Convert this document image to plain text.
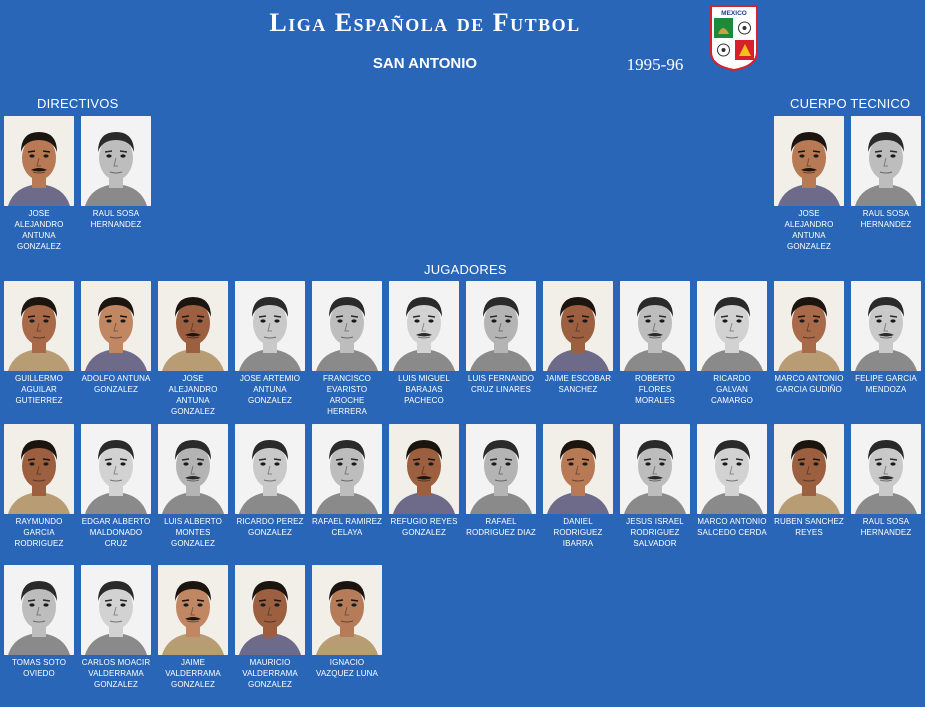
Liga Española de Futbol
SAN ANTONIO	1995-96
MEXICO
DIRECTIVOS	CUERPO TECNICO
JUGADORES
JOSE ALEJANDRO ANTUNA GONZALEZ
RAUL SOSA HERNANDEZ
JOSE ALEJANDRO ANTUNA GONZALEZ
RAUL SOSA HERNANDEZ
GUILLERMO AGUILAR GUTIERREZ
ADOLFO ANTUNA GONZALEZ
JOSE ALEJANDRO ANTUNA GONZALEZ
JOSE ARTEMIO ANTUNA GONZALEZ
FRANCISCO EVARISTO AROCHE HERRERA
LUIS MIGUEL BARAJAS PACHECO
LUIS FERNANDO CRUZ LINARES
JAIME ESCOBAR SANCHEZ
ROBERTO FLORES MORALES
RICARDO GALVAN CAMARGO
MARCO ANTONIO GARCIA GUDIÑO
FELIPE GARCIA MENDOZA
RAYMUNDO GARCIA RODRIGUEZ
EDGAR ALBERTO MALDONADO CRUZ
LUIS ALBERTO MONTES GONZALEZ
RICARDO PEREZ GONZALEZ
RAFAEL RAMIREZ CELAYA
REFUGIO REYES GONZALEZ
RAFAEL RODRIGUEZ DIAZ
DANIEL RODRIGUEZ IBARRA
JESUS ISRAEL RODRIGUEZ SALVADOR
MARCO ANTONIO SALCEDO CERDA
RUBEN SANCHEZ REYES
RAUL SOSA HERNANDEZ
TOMAS SOTO OVIEDO
CARLOS MOACIR VALDERRAMA GONZALEZ
JAIME VALDERRAMA GONZALEZ
MAURICIO VALDERRAMA GONZALEZ
IGNACIO VAZQUEZ LUNA
